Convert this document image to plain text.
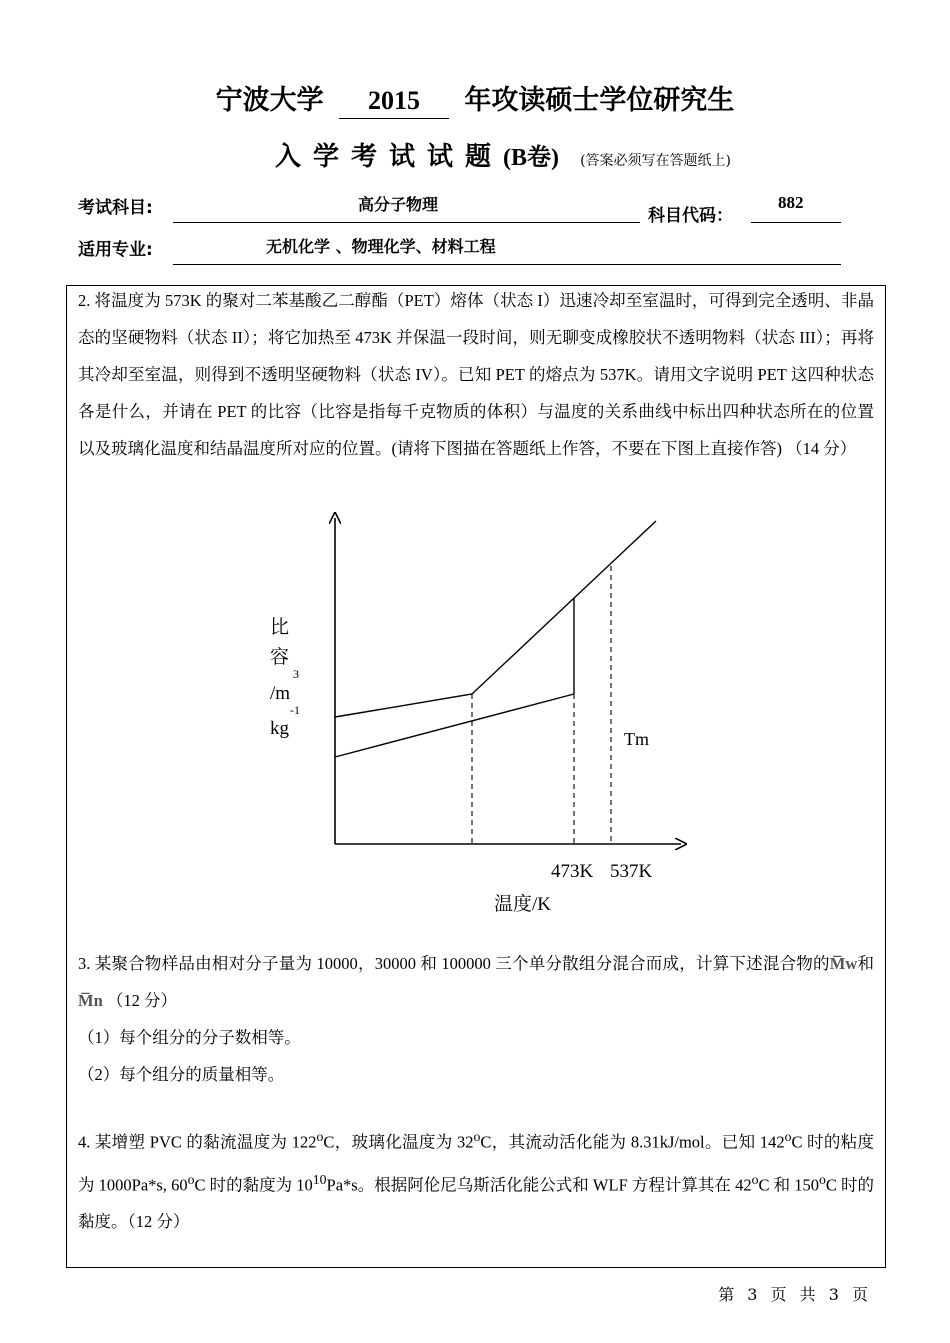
宁波大学 2015 年攻读硕士学位研究生
入学考试试题(B卷) (答案必须写在答题纸上)
考试科目:	高分子物理
科目代码：
882
适用专业:	无机化学 、物理化学、材料工程

2. 将温度为 573K 的聚对二苯基酸乙二醇酯（PET）熔体（状态 I）迅速冷却至室温时，可得到完全透明、非晶态的坚硬物料（状态 II）；将它加热至 473K 并保温一段时间，则无聊变成橡胶状不透明物料（状态 III）；再将其冷却至室温，则得到不透明坚硬物料（状态 IV）。已知 PET 的熔点为 537K。请用文字说明 PET 这四种状态各是什么，并请在 PET 的比容（比容是指每千克物质的体积）与温度的关系曲线中标出四种状态所在的位置以及玻璃化温度和结晶温度所对应的位置。(请将下图描在答题纸上作答，不要在下图上直接作答) （14 分）

比
容
3
/m
-1
kg	Tm
473K 537K
温度/K

3. 某聚合物样品由相对分子量为 10000，30000 和 100000 三个单分散组分混合而成，计算下述混合物的M̅w和M̅n （12 分）

（1）每个组分的分子数相等。

（2）每个组分的质量相等。

4. 某增塑 PVC 的黏流温度为 122$^o$C，玻璃化温度为 32$^o$C，其流动活化能为 8.31kJ/mol。已知 142$^o$C 时的粘度为 1000Pa*s, 60$^o$C 时的黏度为 $10^{10}Pa*s$。根据阿伦尼乌斯活化能公式和 WLF 方程计算其在 42$^o$C 和 150$^o$C 时的黏度。（12 分）

第 3 页 共 3 页
